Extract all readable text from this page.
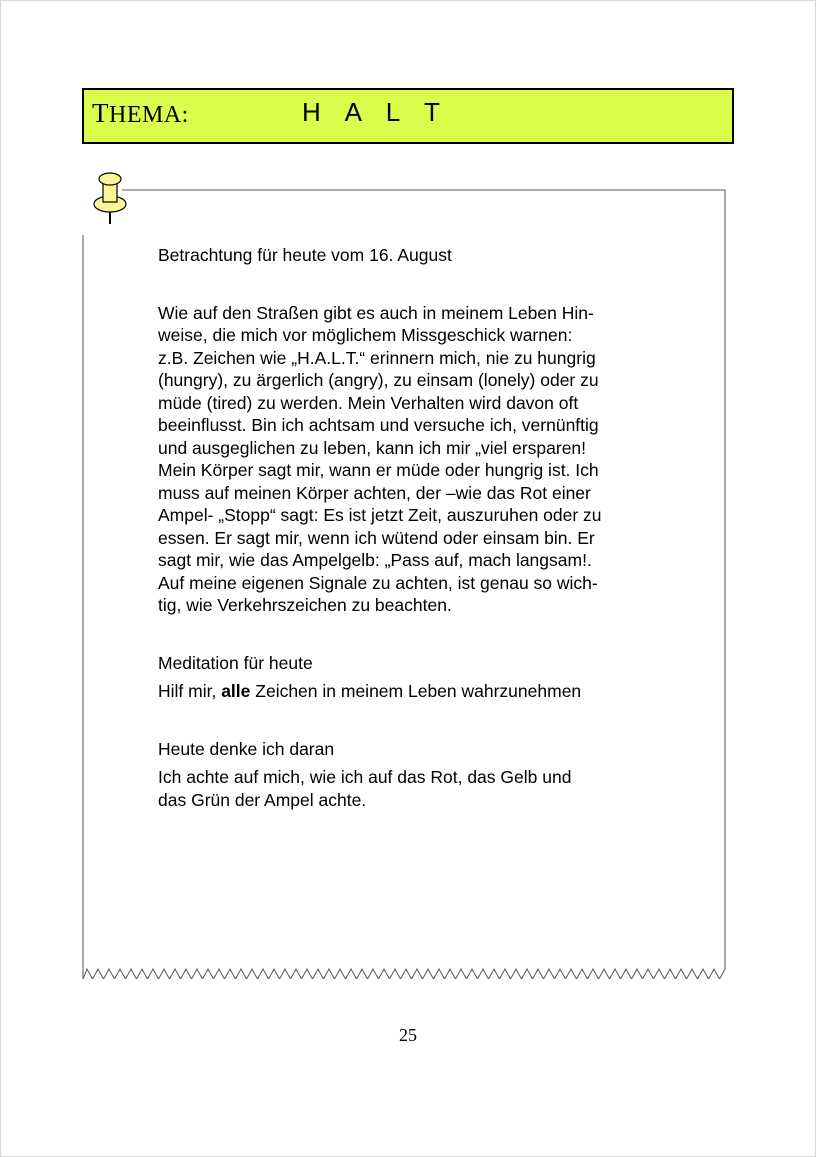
THEMA:	H A L T

Betrachtung für heute vom 16. August

Wie auf den Straßen gibt es auch in meinem Leben Hin-
weise, die mich vor möglichem Missgeschick warnen:
z.B. Zeichen wie „H.A.L.T.“ erinnern mich, nie zu hungrig
(hungry), zu ärgerlich (angry), zu einsam (lonely) oder zu
müde (tired) zu werden. Mein Verhalten wird davon oft
beeinflusst. Bin ich achtsam und versuche ich, vernünftig
und ausgeglichen zu leben, kann ich mir „viel ersparen!
Mein Körper sagt mir, wann er müde oder hungrig ist. Ich
muss auf meinen Körper achten, der –wie das Rot einer
Ampel- „Stopp“ sagt: Es ist jetzt Zeit, auszuruhen oder zu
essen. Er sagt mir, wenn ich wütend oder einsam bin. Er
sagt mir, wie das Ampelgelb: „Pass auf, mach langsam!.
Auf meine eigenen Signale zu achten, ist genau so wich-
tig, wie Verkehrszeichen zu beachten.

Meditation für heute

Hilf mir, alle Zeichen in meinem Leben wahrzunehmen

Heute denke ich daran

Ich achte auf mich, wie ich auf das Rot, das Gelb und
das Grün der Ampel achte.

25
